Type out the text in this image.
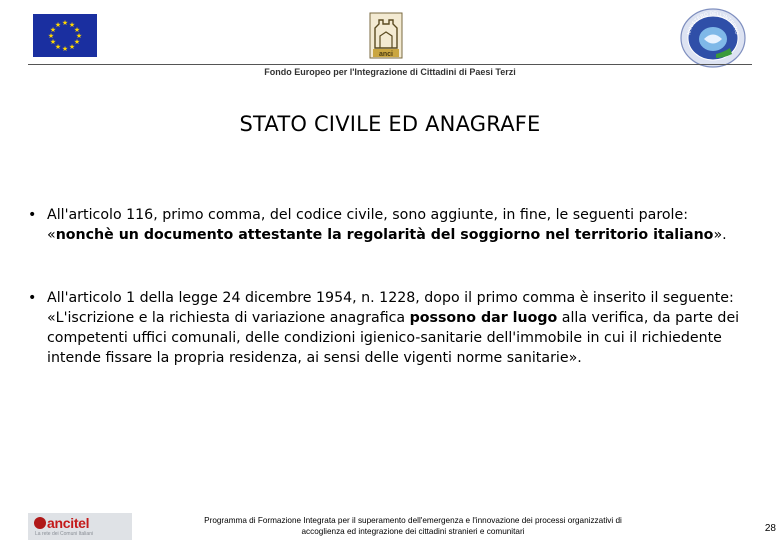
★ ★
★
★
★
★
★
★
★
★
★
★
anci
MINISTERO DELL'INTERNO
Fondo Europeo per l'Integrazione di Cittadini di Paesi Terzi
STATO CIVILE ED ANAGRAFE
• All'articolo 116, primo comma, del codice civile, sono aggiunte, in fine, le seguenti parole: «nonchè un documento attestante la regolarità del soggiorno nel territorio italiano».
• All'articolo 1 della legge 24 dicembre 1954, n. 1228, dopo il primo comma è inserito il seguente:
«L'iscrizione e la richiesta di variazione anagrafica possono dar luogo alla verifica, da parte dei competenti uffici comunali, delle condizioni igienico-sanitarie dell'immobile in cui il richiedente intende fissare la propria residenza, ai sensi delle vigenti norme sanitarie».
ancitel
La rete dei Comuni Italiani
Programma di Formazione Integrata per il superamento dell'emergenza e l'innovazione dei processi organizzativi di
accoglienza ed integrazione dei cittadini stranieri e comunitari	28
